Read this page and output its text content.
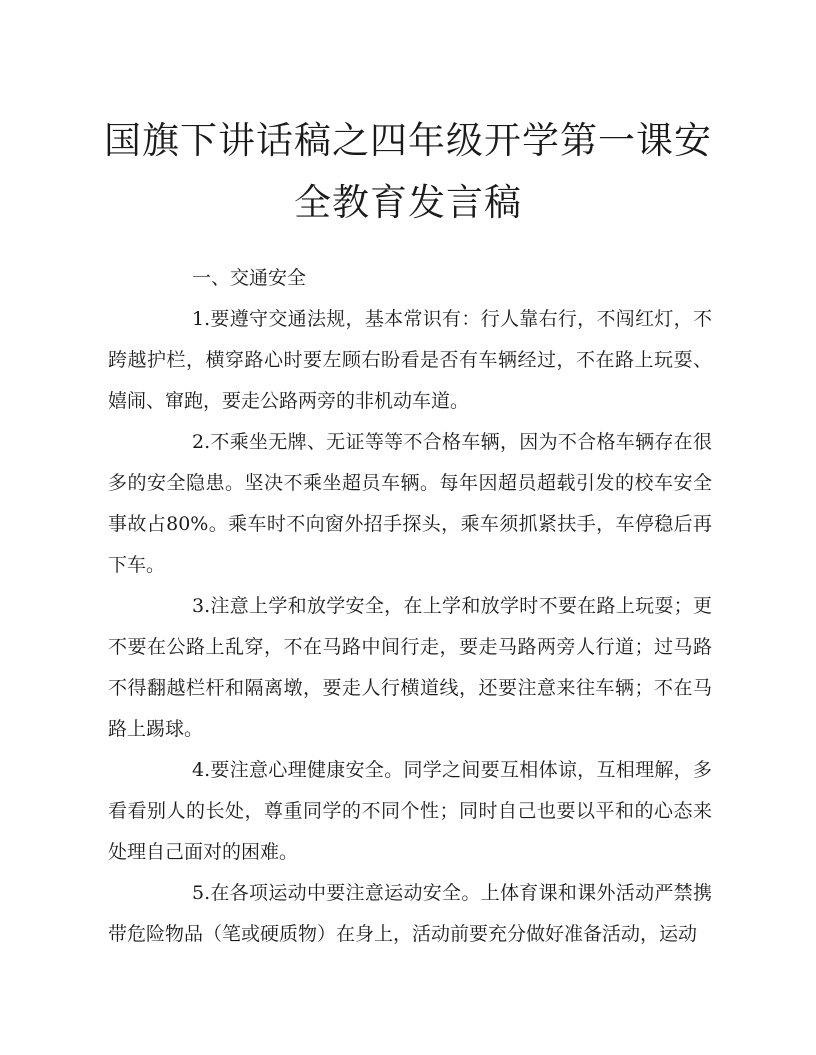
国旗下讲话稿之四年级开学第一课安
全教育发言稿

一、交通安全

1.要遵守交通法规，基本常识有：行人靠右行，不闯红灯，不跨越护栏，横穿路心时要左顾右盼看是否有车辆经过，不在路上玩耍、嬉闹、窜跑，要走公路两旁的非机动车道。

2.不乘坐无牌、无证等等不合格车辆，因为不合格车辆存在很多的安全隐患。坚决不乘坐超员车辆。每年因超员超载引发的校车安全事故占80%。乘车时不向窗外招手探头，乘车须抓紧扶手，车停稳后再下车。

3.注意上学和放学安全，在上学和放学时不要在路上玩耍；更不要在公路上乱穿，不在马路中间行走，要走马路两旁人行道；过马路不得翻越栏杆和隔离墩，要走人行横道线，还要注意来往车辆；不在马路上踢球。

4.要注意心理健康安全。同学之间要互相体谅，互相理解，多看看别人的长处，尊重同学的不同个性；同时自己也要以平和的心态来处理自己面对的困难。

5.在各项运动中要注意运动安全。上体育课和课外活动严禁携带危险物品（笔或硬质物）在身上，活动前要充分做好准备活动，运动
